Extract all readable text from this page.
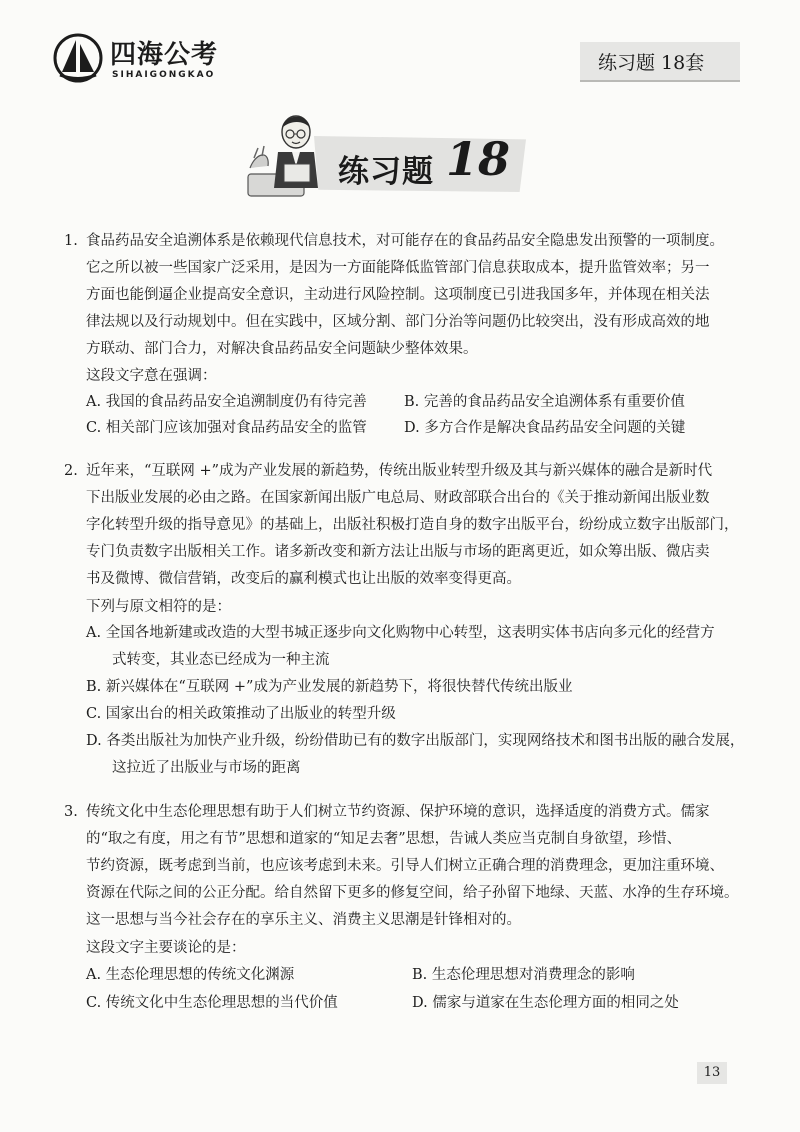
四海公考
SIHAIGONGKAO
练习题 18套
练习题 18
1. 食品药品安全追溯体系是依赖现代信息技术，对可能存在的食品药品安全隐患发出预警的一项制度。
它之所以被一些国家广泛采用，是因为一方面能降低监管部门信息获取成本，提升监管效率；另一
方面也能倒逼企业提高安全意识，主动进行风险控制。这项制度已引进我国多年，并体现在相关法
律法规以及行动规划中。但在实践中，区域分割、部门分治等问题仍比较突出，没有形成高效的地
方联动、部门合力，对解决食品药品安全问题缺少整体效果。
这段文字意在强调：
A. 我国的食品药品安全追溯制度仍有待完善	B. 完善的食品药品安全追溯体系有重要价值
C. 相关部门应该加强对食品药品安全的监管	D. 多方合作是解决食品药品安全问题的关键
2. 近年来，“互联网 +”成为产业发展的新趋势，传统出版业转型升级及其与新兴媒体的融合是新时代
下出版业发展的必由之路。在国家新闻出版广电总局、财政部联合出台的《关于推动新闻出版业数
字化转型升级的指导意见》的基础上，出版社积极打造自身的数字出版平台，纷纷成立数字出版部门，
专门负责数字出版相关工作。诸多新改变和新方法让出版与市场的距离更近，如众筹出版、微店卖
书及微博、微信营销，改变后的赢利模式也让出版的效率变得更高。
下列与原文相符的是：
A. 全国各地新建或改造的大型书城正逐步向文化购物中心转型，这表明实体书店向多元化的经营方
式转变，其业态已经成为一种主流
B. 新兴媒体在“互联网 +”成为产业发展的新趋势下，将很快替代传统出版业
C. 国家出台的相关政策推动了出版业的转型升级
D. 各类出版社为加快产业升级，纷纷借助已有的数字出版部门，实现网络技术和图书出版的融合发展，
这拉近了出版业与市场的距离
3. 传统文化中生态伦理思想有助于人们树立节约资源、保护环境的意识，选择适度的消费方式。儒家
的“取之有度，用之有节”思想和道家的“知足去奢”思想，告诫人类应当克制自身欲望，珍惜、
节约资源，既考虑到当前，也应该考虑到未来。引导人们树立正确合理的消费理念，更加注重环境、
资源在代际之间的公正分配。给自然留下更多的修复空间，给子孙留下地绿、天蓝、水净的生存环境。
这一思想与当今社会存在的享乐主义、消费主义思潮是针锋相对的。
这段文字主要谈论的是：
A. 生态伦理思想的传统文化渊源	B. 生态伦理思想对消费理念的影响
C. 传统文化中生态伦理思想的当代价值	D. 儒家与道家在生态伦理方面的相同之处
13
